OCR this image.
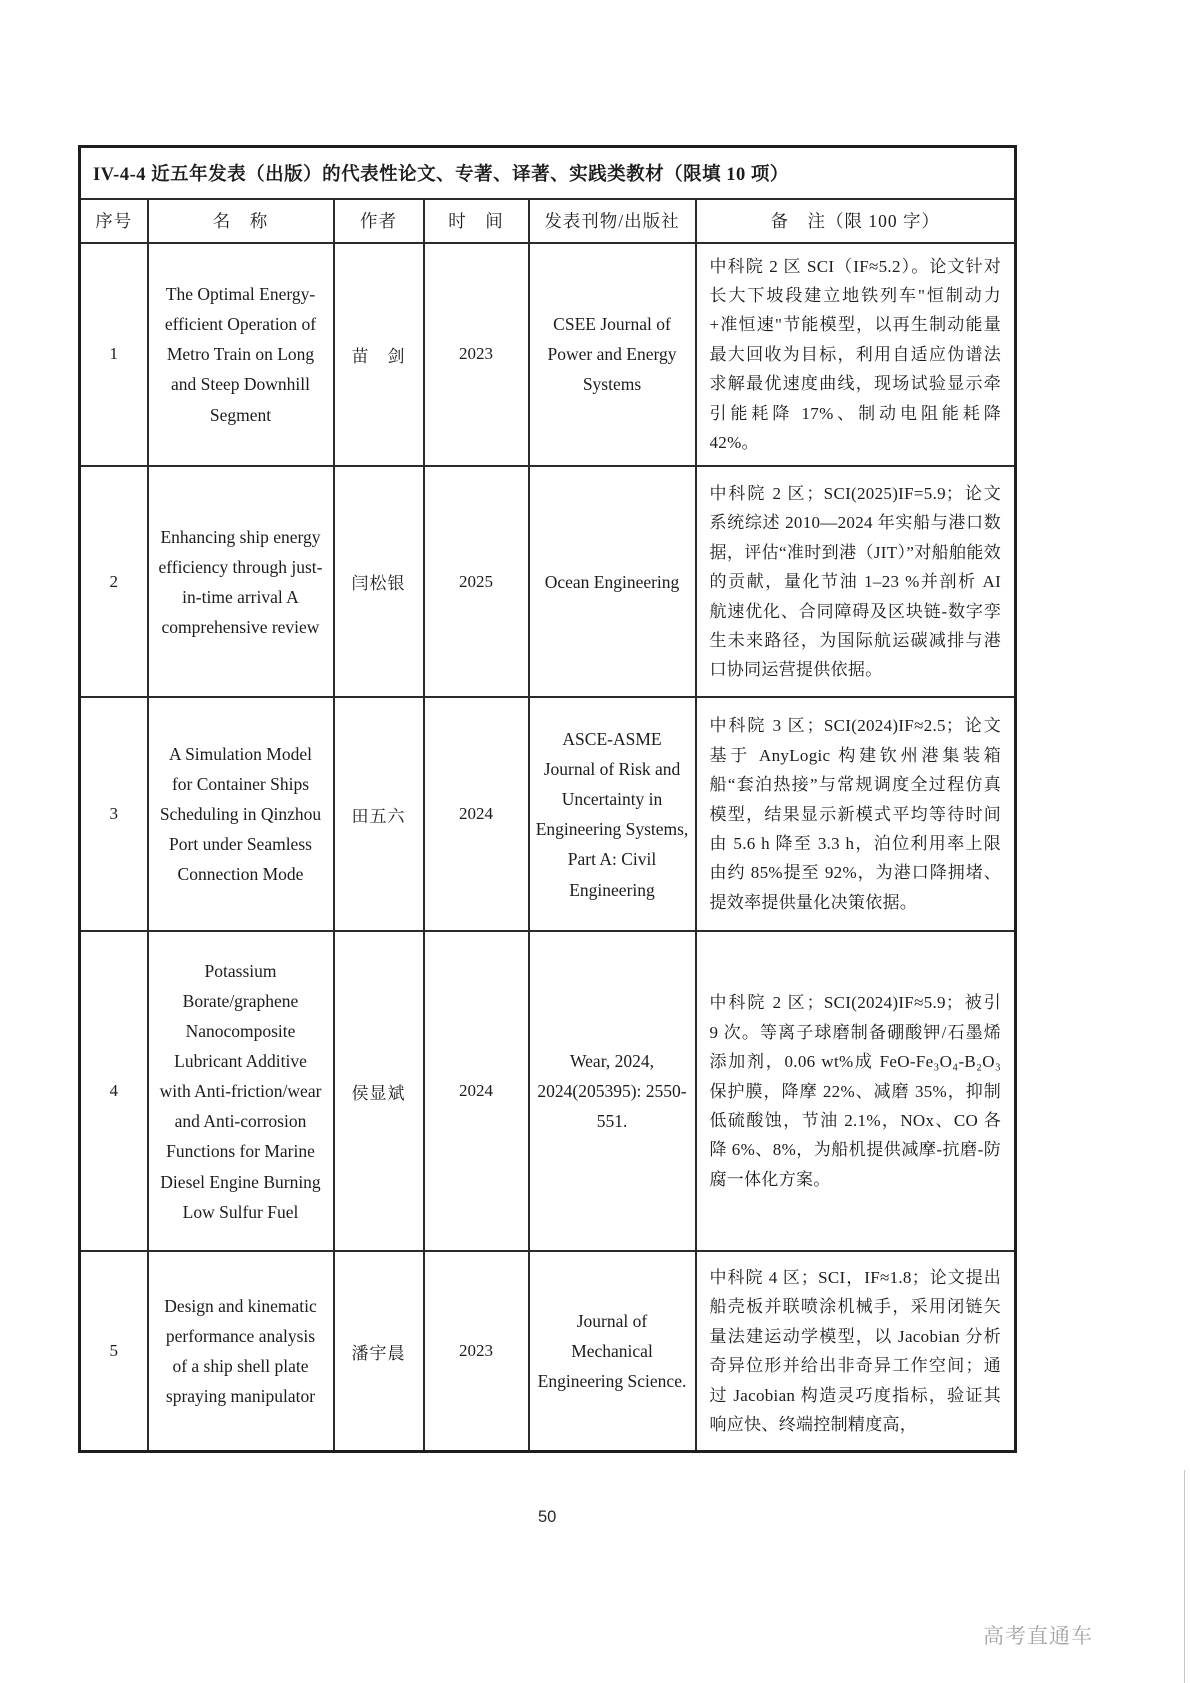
IV-4-4 近五年发表（出版）的代表性论文、专著、译著、实践类教材（限填 10 项）					
序号	名　称	作者	时　间	发表刊物/出版社	备　注（限 100 字）
1	The Optimal Energy-efficient Operation of Metro Train on Long and Steep Downhill Segment	苗　剑	2023	CSEE Journal of Power and Energy Systems	中科院 2 区 SCI（IF≈5.2）。论文针对长大下坡段建立地铁列车"恒制动力+准恒速"节能模型，以再生制动能量最大回收为目标，利用自适应伪谱法求解最优速度曲线，现场试验显示牵引能耗降 17%、制动电阻能耗降 42%。
2	Enhancing ship energy efficiency through just-in-time arrival A comprehensive review	闫松银	2025	Ocean Engineering	中科院 2 区；SCI(2025)IF=5.9；论文系统综述 2010—2024 年实船与港口数据，评估“准时到港（JIT）”对船舶能效的贡献，量化节油 1–23 %并剖析 AI 航速优化、合同障碍及区块链-数字孪生未来路径，为国际航运碳减排与港口协同运营提供依据。
3	A Simulation Model for Container Ships Scheduling in Qinzhou Port under Seamless Connection Mode	田五六	2024	ASCE-ASME Journal of Risk and Uncertainty in Engineering Systems, Part A: Civil Engineering	中科院 3 区；SCI(2024)IF≈2.5；论文基于 AnyLogic 构建钦州港集装箱船“套泊热接”与常规调度全过程仿真模型，结果显示新模式平均等待时间由 5.6 h 降至 3.3 h，泊位利用率上限由约 85%提至 92%，为港口降拥堵、提效率提供量化决策依据。
4	Potassium Borate/graphene Nanocomposite Lubricant Additive with Anti-friction/wear and Anti-corrosion Functions for Marine Diesel Engine Burning Low Sulfur Fuel	侯显斌	2024	Wear, 2024, 2024(205395): 2550-551.	中科院 2 区；SCI(2024)IF≈5.9；被引 9 次。等离子球磨制备硼酸钾/石墨烯添加剂，0.06 wt%成 FeO-Fe₃O₄-B₂O₃保护膜，降摩 22%、减磨 35%，抑制低硫酸蚀，节油 2.1%，NOx、CO 各降 6%、8%，为船机提供减摩-抗磨-防腐一体化方案。
5	Design and kinematic performance analysis of a ship shell plate spraying manipulator	潘宇晨	2023	Journal of Mechanical Engineering Science.	中科院 4 区；SCI，IF≈1.8；论文提出船壳板并联喷涂机械手，采用闭链矢量法建运动学模型，以 Jacobian 分析奇异位形并给出非奇异工作空间；通过 Jacobian 构造灵巧度指标，验证其响应快、终端控制精度高，
50
高考直通车
